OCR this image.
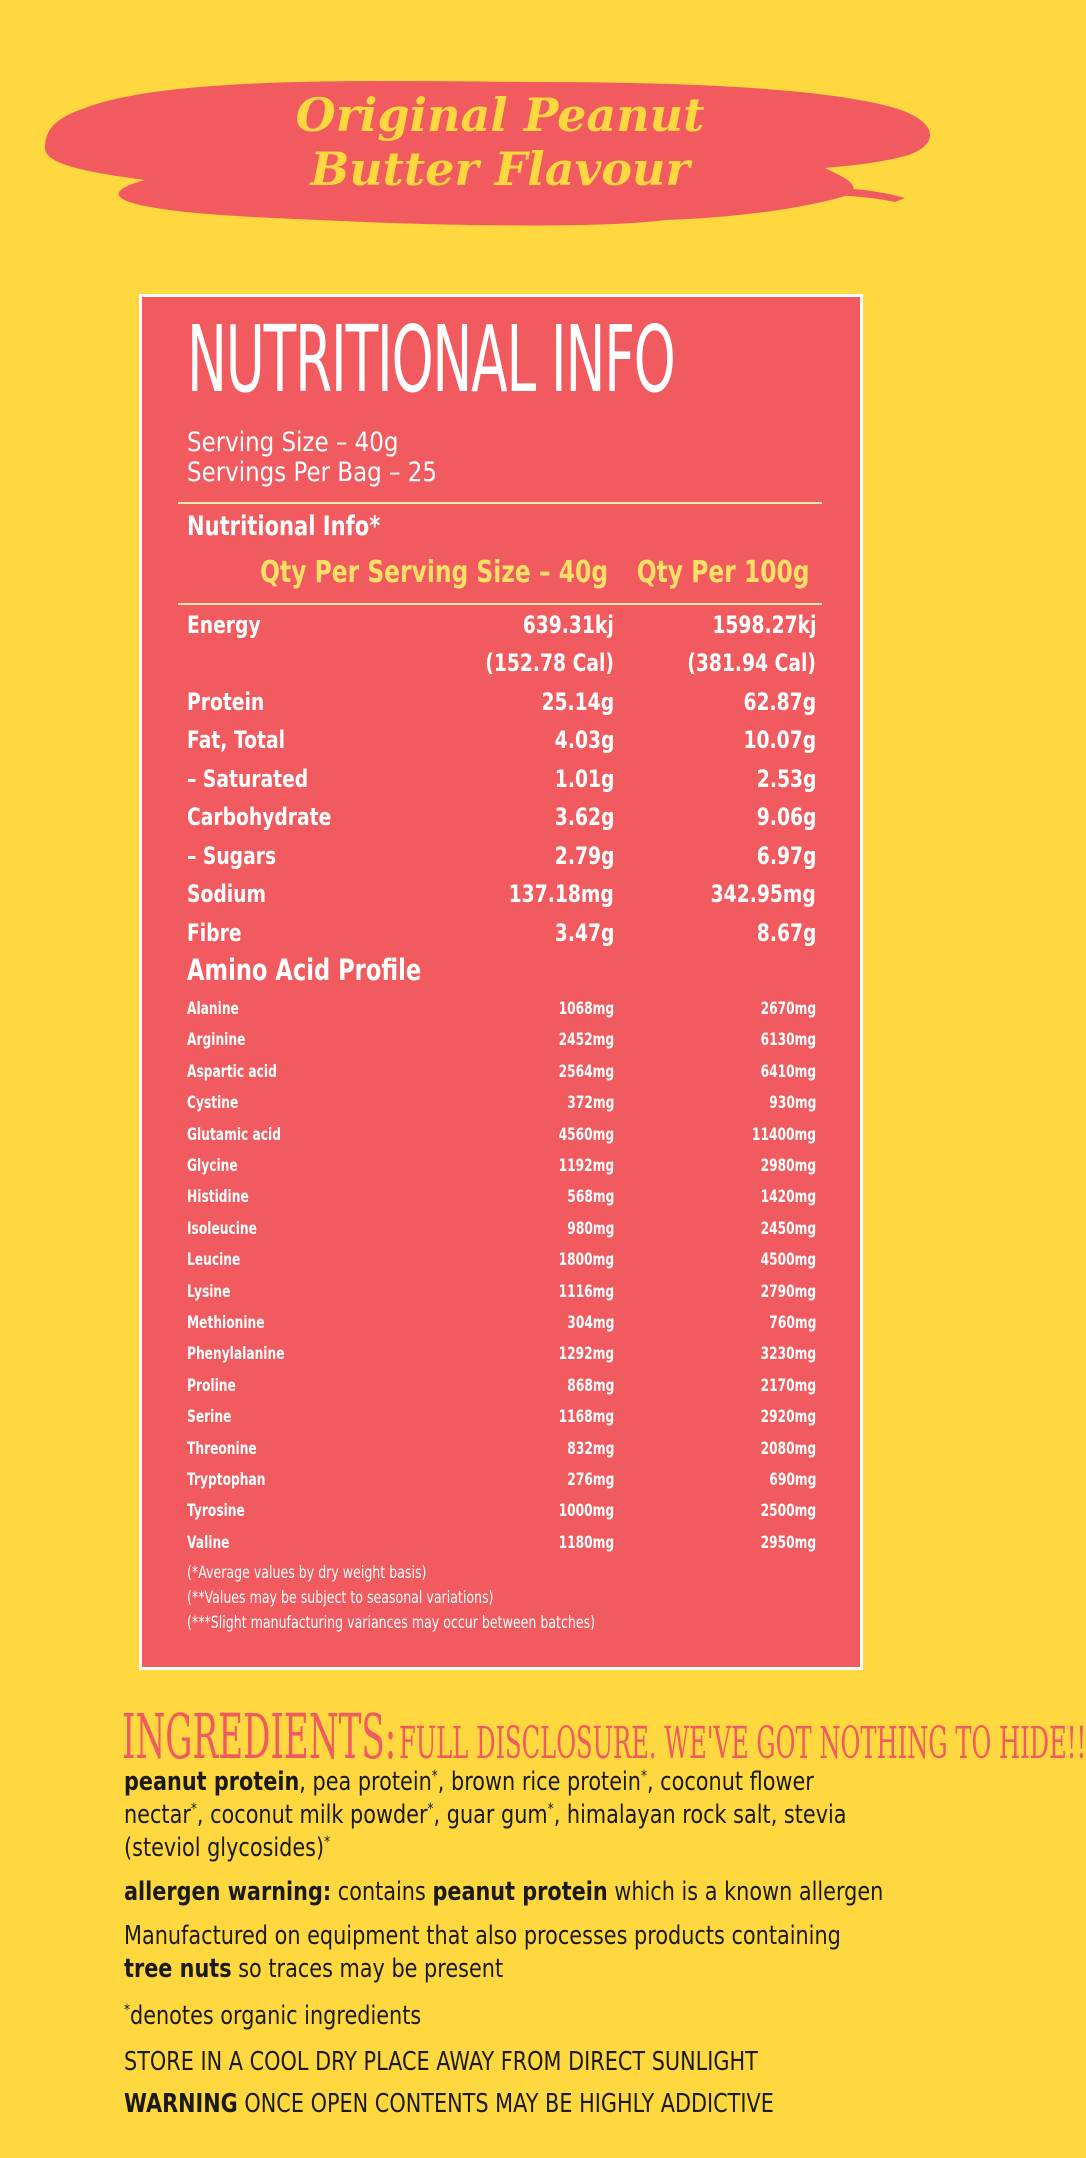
Original Peanut
Butter Flavour
NUTRITIONAL INFO
Serving Size – 40g
Servings Per Bag – 25
Nutritional Info*
Qty Per Serving Size – 40g Qty Per 100g
Energy	639.31kj	1598.27kj
(152.78 Cal)	(381.94 Cal)
Protein	25.14g	62.87g
Fat, Total	4.03g	10.07g
– Saturated	1.01g	2.53g
Carbohydrate	3.62g	9.06g
– Sugars	2.79g	6.97g
Sodium	137.18mg	342.95mg
Fibre	3.47g	8.67g
Amino Acid Profile
Alanine	1068mg	2670mg
Arginine	2452mg	6130mg
Aspartic acid	2564mg	6410mg
Cystine	372mg	930mg
Glutamic acid	4560mg	11400mg
Glycine	1192mg	2980mg
Histidine	568mg	1420mg
Isoleucine	980mg	2450mg
Leucine	1800mg	4500mg
Lysine	1116mg	2790mg
Methionine	304mg	760mg
Phenylalanine	1292mg	3230mg
Proline	868mg	2170mg
Serine	1168mg	2920mg
Threonine	832mg	2080mg
Tryptophan	276mg	690mg
Tyrosine	1000mg	2500mg
Valine	1180mg	2950mg
(*Average values by dry weight basis)
(**Values may be subject to seasonal variations)
(***Slight manufacturing variances may occur between batches)
INGREDIENTS: FULL DISCLOSURE. WE'VE GOT NOTHING TO HIDE!!
peanut protein, pea protein*, brown rice protein*, coconut flower
nectar*, coconut milk powder*, guar gum*, himalayan rock salt, stevia
(steviol glycosides)*
allergen warning: contains peanut protein which is a known allergen
Manufactured on equipment that also processes products containing
tree nuts so traces may be present
*denotes organic ingredients
STORE IN A COOL DRY PLACE AWAY FROM DIRECT SUNLIGHT
WARNING ONCE OPEN CONTENTS MAY BE HIGHLY ADDICTIVE
